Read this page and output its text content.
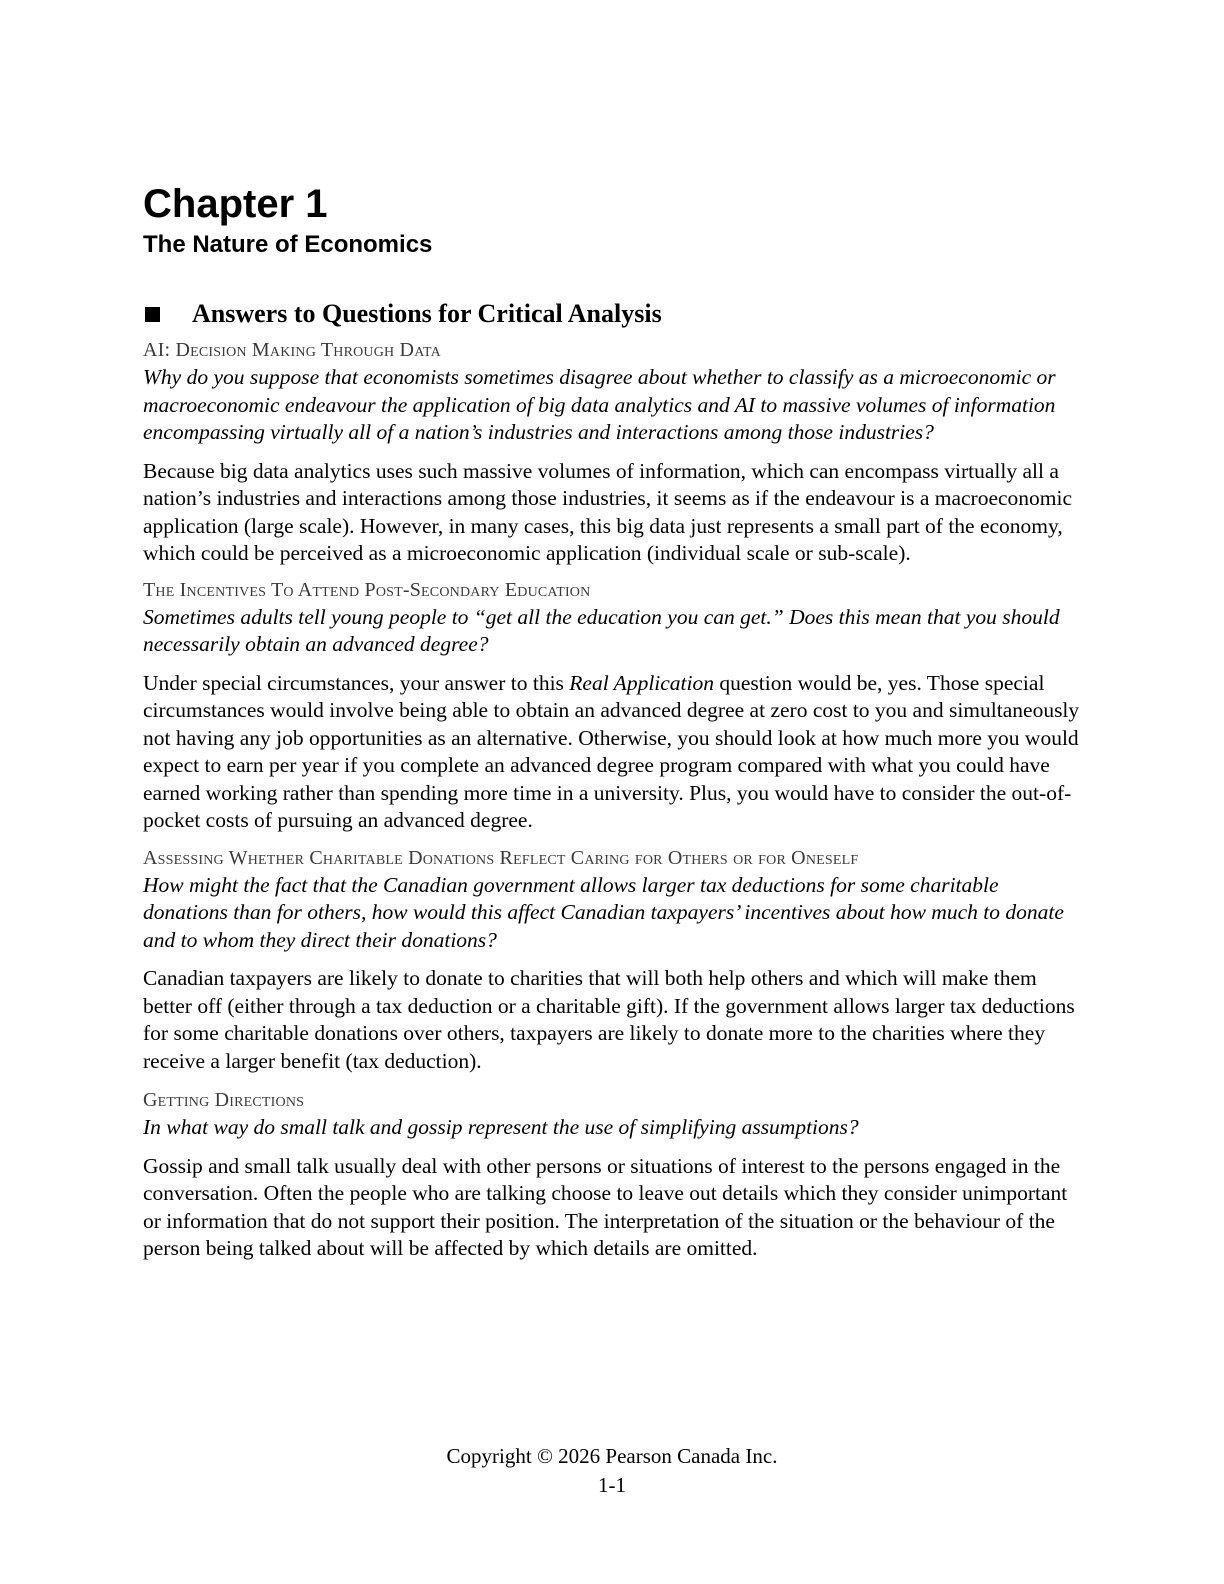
Chapter 1
The Nature of Economics
Answers to Questions for Critical Analysis

AI: Decision Making Through Data

Why do you suppose that economists sometimes disagree about whether to classify as a microeconomic or macroeconomic endeavour the application of big data analytics and AI to massive volumes of information encompassing virtually all of a nation’s industries and interactions among those industries?

Because big data analytics uses such massive volumes of information, which can encompass virtually all a nation’s industries and interactions among those industries, it seems as if the endeavour is a macroeconomic application (large scale). However, in many cases, this big data just represents a small part of the economy, which could be perceived as a microeconomic application (individual scale or sub-scale).

The Incentives To Attend Post-Secondary Education

Sometimes adults tell young people to “get all the education you can get.” Does this mean that you should necessarily obtain an advanced degree?

Under special circumstances, your answer to this Real Application question would be, yes. Those special circumstances would involve being able to obtain an advanced degree at zero cost to you and simultaneously not having any job opportunities as an alternative. Otherwise, you should look at how much more you would expect to earn per year if you complete an advanced degree program compared with what you could have earned working rather than spending more time in a university. Plus, you would have to consider the out-of-pocket costs of pursuing an advanced degree.

Assessing Whether Charitable Donations Reflect Caring for Others or for Oneself

How might the fact that the Canadian government allows larger tax deductions for some charitable donations than for others, how would this affect Canadian taxpayers’ incentives about how much to donate and to whom they direct their donations?

Canadian taxpayers are likely to donate to charities that will both help others and which will make them better off (either through a tax deduction or a charitable gift). If the government allows larger tax deductions for some charitable donations over others, taxpayers are likely to donate more to the charities where they receive a larger benefit (tax deduction).

Getting Directions

In what way do small talk and gossip represent the use of simplifying assumptions?

Gossip and small talk usually deal with other persons or situations of interest to the persons engaged in the conversation. Often the people who are talking choose to leave out details which they consider unimportant or information that do not support their position. The interpretation of the situation or the behaviour of the person being talked about will be affected by which details are omitted.

Copyright © 2026 Pearson Canada Inc.
1-1
